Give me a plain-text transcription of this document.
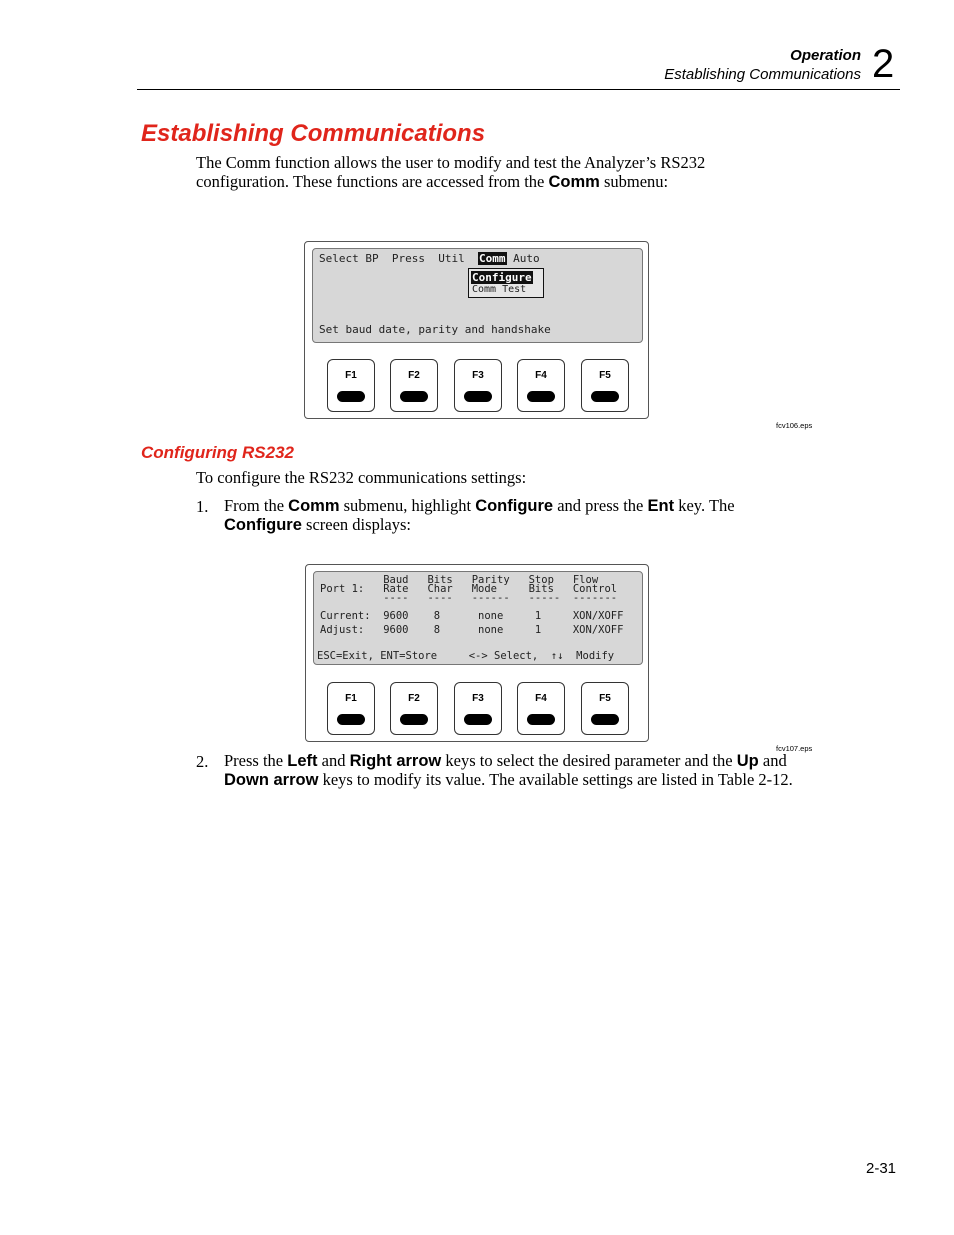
Operation
Establishing Communications 2
Establishing Communications
The Comm function allows the user to modify and test the Analyzer’s RS232 configuration. These functions are accessed from the Comm submenu:
Select BP Press Util Comm Auto
Configure
Comm Test
Set baud date, parity and handshake
F1	F2	F3	F4	F5
fcv106.eps
Configuring RS232
To configure the RS232 communications settings:
1. From the Comm submenu, highlight Configure and press the Ent key. The Configure screen displays:
Baud   Bits   Parity   Stop   Flow
Port 1:   Rate   Char   Mode     Bits   Control
----   ----   ------   -----  -------
Current:  9600    8      none     1     XON/XOFF
Adjust:   9600    8      none     1     XON/XOFF
ESC=Exit, ENT=Store     <-> Select,  ↑↓  Modify
F1	F2	F3	F4	F5
fcv107.eps
2. Press the Left and Right arrow keys to select the desired parameter and the Up and Down arrow keys to modify its value. The available settings are listed in Table 2-12.
2-31
